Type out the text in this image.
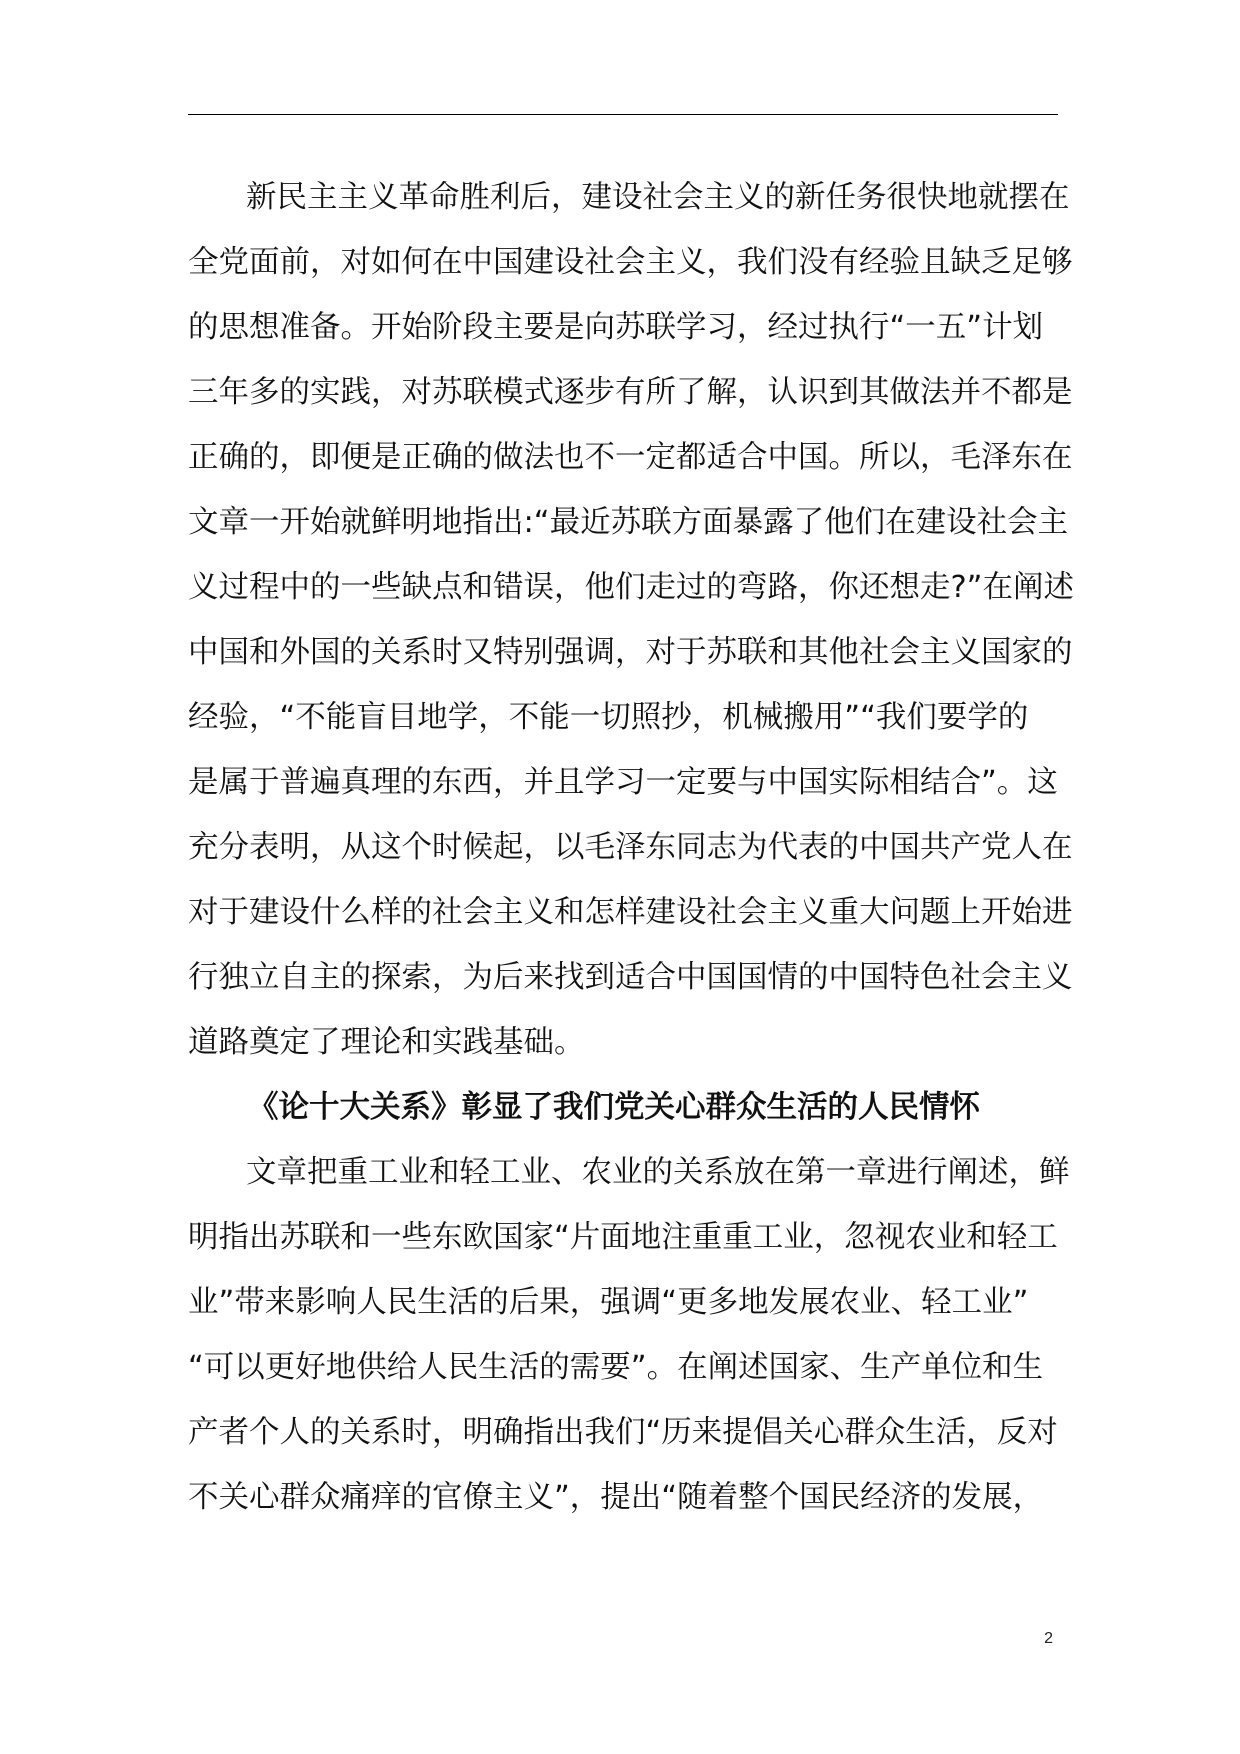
新民主主义革命胜利后，建设社会主义的新任务很快地就摆在
全党面前，对如何在中国建设社会主义，我们没有经验且缺乏足够
的思想准备。开始阶段主要是向苏联学习，经过执行“一五”计划
三年多的实践，对苏联模式逐步有所了解，认识到其做法并不都是
正确的，即便是正确的做法也不一定都适合中国。所以，毛泽东在
文章一开始就鲜明地指出:“最近苏联方面暴露了他们在建设社会主
义过程中的一些缺点和错误，他们走过的弯路，你还想走?”在阐述
中国和外国的关系时又特别强调，对于苏联和其他社会主义国家的
经验，“不能盲目地学，不能一切照抄，机械搬用”“我们要学的
是属于普遍真理的东西，并且学习一定要与中国实际相结合”。这
充分表明，从这个时候起，以毛泽东同志为代表的中国共产党人在
对于建设什么样的社会主义和怎样建设社会主义重大问题上开始进
行独立自主的探索，为后来找到适合中国国情的中国特色社会主义
道路奠定了理论和实践基础。
《论十大关系》彰显了我们党关心群众生活的人民情怀
文章把重工业和轻工业、农业的关系放在第一章进行阐述，鲜
明指出苏联和一些东欧国家“片面地注重重工业，忽视农业和轻工
业”带来影响人民生活的后果，强调“更多地发展农业、轻工业”
“可以更好地供给人民生活的需要”。在阐述国家、生产单位和生
产者个人的关系时，明确指出我们“历来提倡关心群众生活，反对
不关心群众痛痒的官僚主义”，提出“随着整个国民经济的发展，
2
